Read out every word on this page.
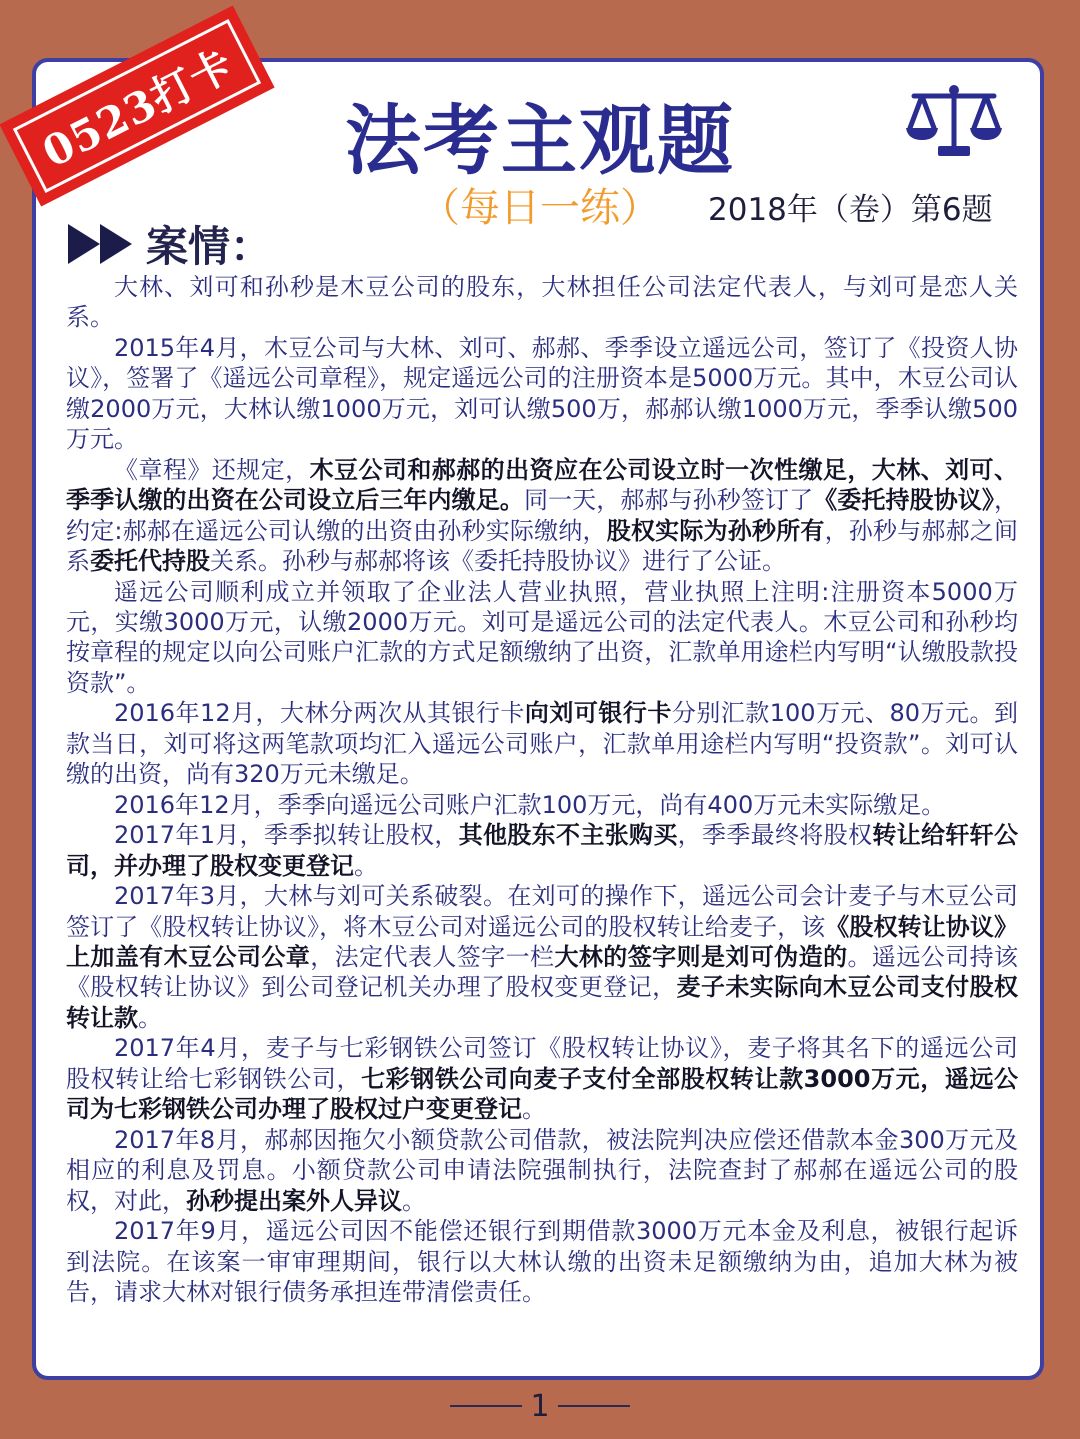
0523打卡 法考主观题
（每日一练） 2018年（卷）第6题
案情：

大林、刘可和孙秒是木豆公司的股东，大林担任公司法定代表人，与刘可是恋人关系。

2015年4月，木豆公司与大林、刘可、郝郝、季季设立遥远公司，签订了《投资人协议》，签署了《遥远公司章程》，规定遥远公司的注册资本是5000万元。其中，木豆公司认缴2000万元，大林认缴1000万元，刘可认缴500万，郝郝认缴1000万元，季季认缴500万元。

《章程》还规定，木豆公司和郝郝的出资应在公司设立时一次性缴足，大林、刘可、季季认缴的出资在公司设立后三年内缴足。同一天，郝郝与孙秒签订了《委托持股协议》，约定:郝郝在遥远公司认缴的出资由孙秒实际缴纳，股权实际为孙秒所有，孙秒与郝郝之间系委托代持股关系。孙秒与郝郝将该《委托持股协议》进行了公证。

遥远公司顺利成立并领取了企业法人营业执照，营业执照上注明:注册资本5000万元，实缴3000万元，认缴2000万元。刘可是遥远公司的法定代表人。木豆公司和孙秒均按章程的规定以向公司账户汇款的方式足额缴纳了出资，汇款单用途栏内写明“认缴股款投资款”。

2016年12月，大林分两次从其银行卡向刘可银行卡分别汇款100万元、80万元。到款当日，刘可将这两笔款项均汇入遥远公司账户，汇款单用途栏内写明“投资款”。刘可认缴的出资，尚有320万元未缴足。

2016年12月，季季向遥远公司账户汇款100万元，尚有400万元未实际缴足。

2017年1月，季季拟转让股权，其他股东不主张购买，季季最终将股权转让给轩轩公司，并办理了股权变更登记。

2017年3月，大林与刘可关系破裂。在刘可的操作下，遥远公司会计麦子与木豆公司签订了《股权转让协议》，将木豆公司对遥远公司的股权转让给麦子，该《股权转让协议》上加盖有木豆公司公章，法定代表人签字一栏大林的签字则是刘可伪造的。遥远公司持该《股权转让协议》到公司登记机关办理了股权变更登记，麦子未实际向木豆公司支付股权转让款。

2017年4月，麦子与七彩钢铁公司签订《股权转让协议》，麦子将其名下的遥远公司股权转让给七彩钢铁公司，七彩钢铁公司向麦子支付全部股权转让款3000万元，遥远公司为七彩钢铁公司办理了股权过户变更登记。

2017年8月，郝郝因拖欠小额贷款公司借款，被法院判决应偿还借款本金300万元及相应的利息及罚息。小额贷款公司申请法院强制执行，法院查封了郝郝在遥远公司的股权，对此，孙秒提出案外人异议。

2017年9月，遥远公司因不能偿还银行到期借款3000万元本金及利息，被银行起诉到法院。在该案一审审理期间，银行以大林认缴的出资未足额缴纳为由，追加大林为被告，请求大林对银行债务承担连带清偿责任。

1
